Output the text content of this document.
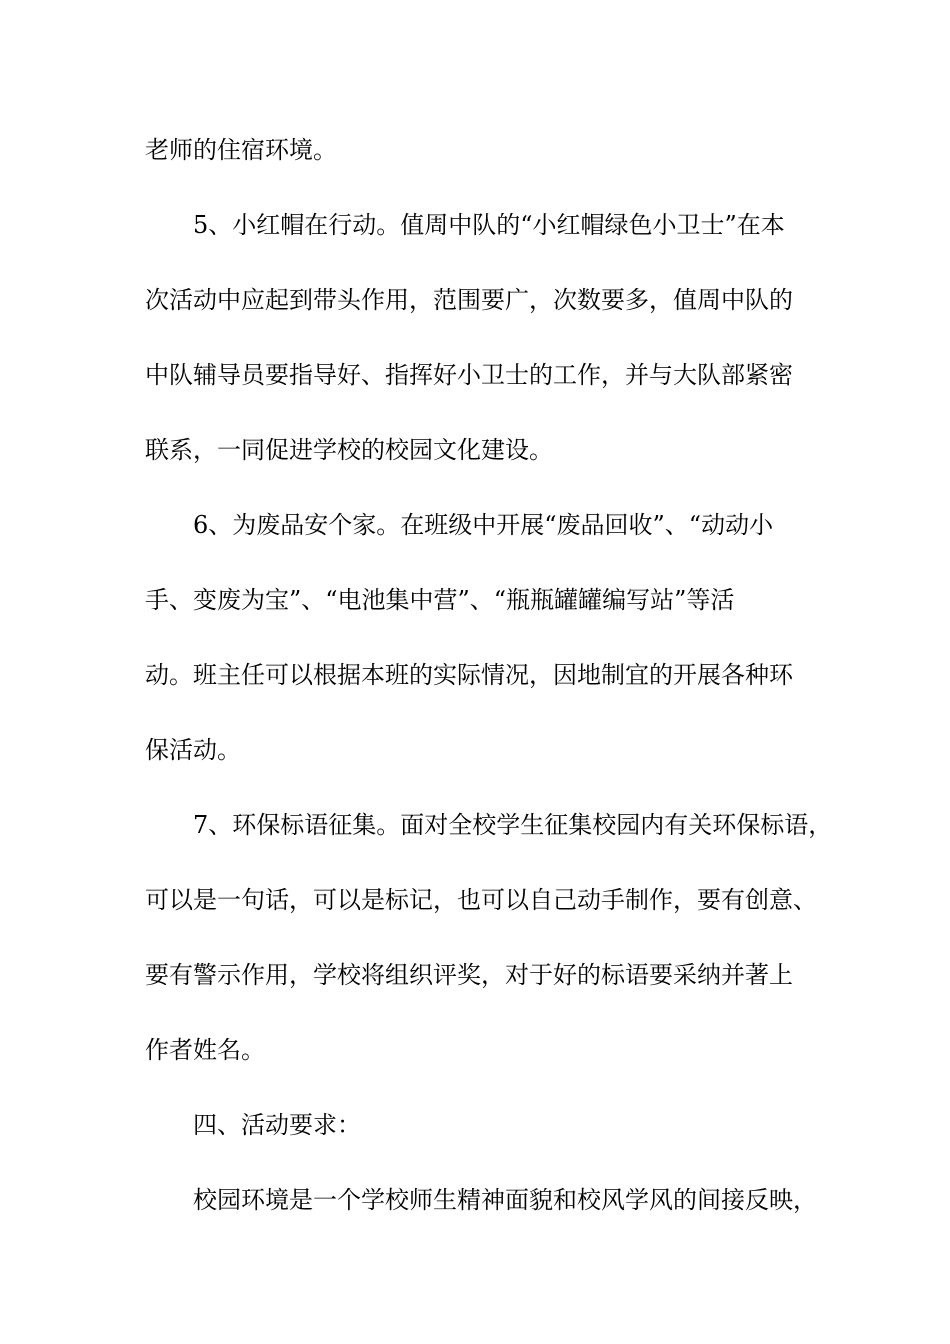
老师的住宿环境。
5、小红帽在行动。值周中队的“小红帽绿色小卫士”在本
次活动中应起到带头作用，范围要广，次数要多，值周中队的
中队辅导员要指导好、指挥好小卫士的工作，并与大队部紧密
联系，一同促进学校的校园文化建设。
6、为废品安个家。在班级中开展“废品回收”、“动动小
手、变废为宝”、“电池集中营”、“瓶瓶罐罐编写站”等活
动。班主任可以根据本班的实际情况，因地制宜的开展各种环
保活动。
7、环保标语征集。面对全校学生征集校园内有关环保标语，
可以是一句话，可以是标记，也可以自己动手制作，要有创意、
要有警示作用，学校将组织评奖，对于好的标语要采纳并著上
作者姓名。
四、活动要求：
校园环境是一个学校师生精神面貌和校风学风的间接反映，
